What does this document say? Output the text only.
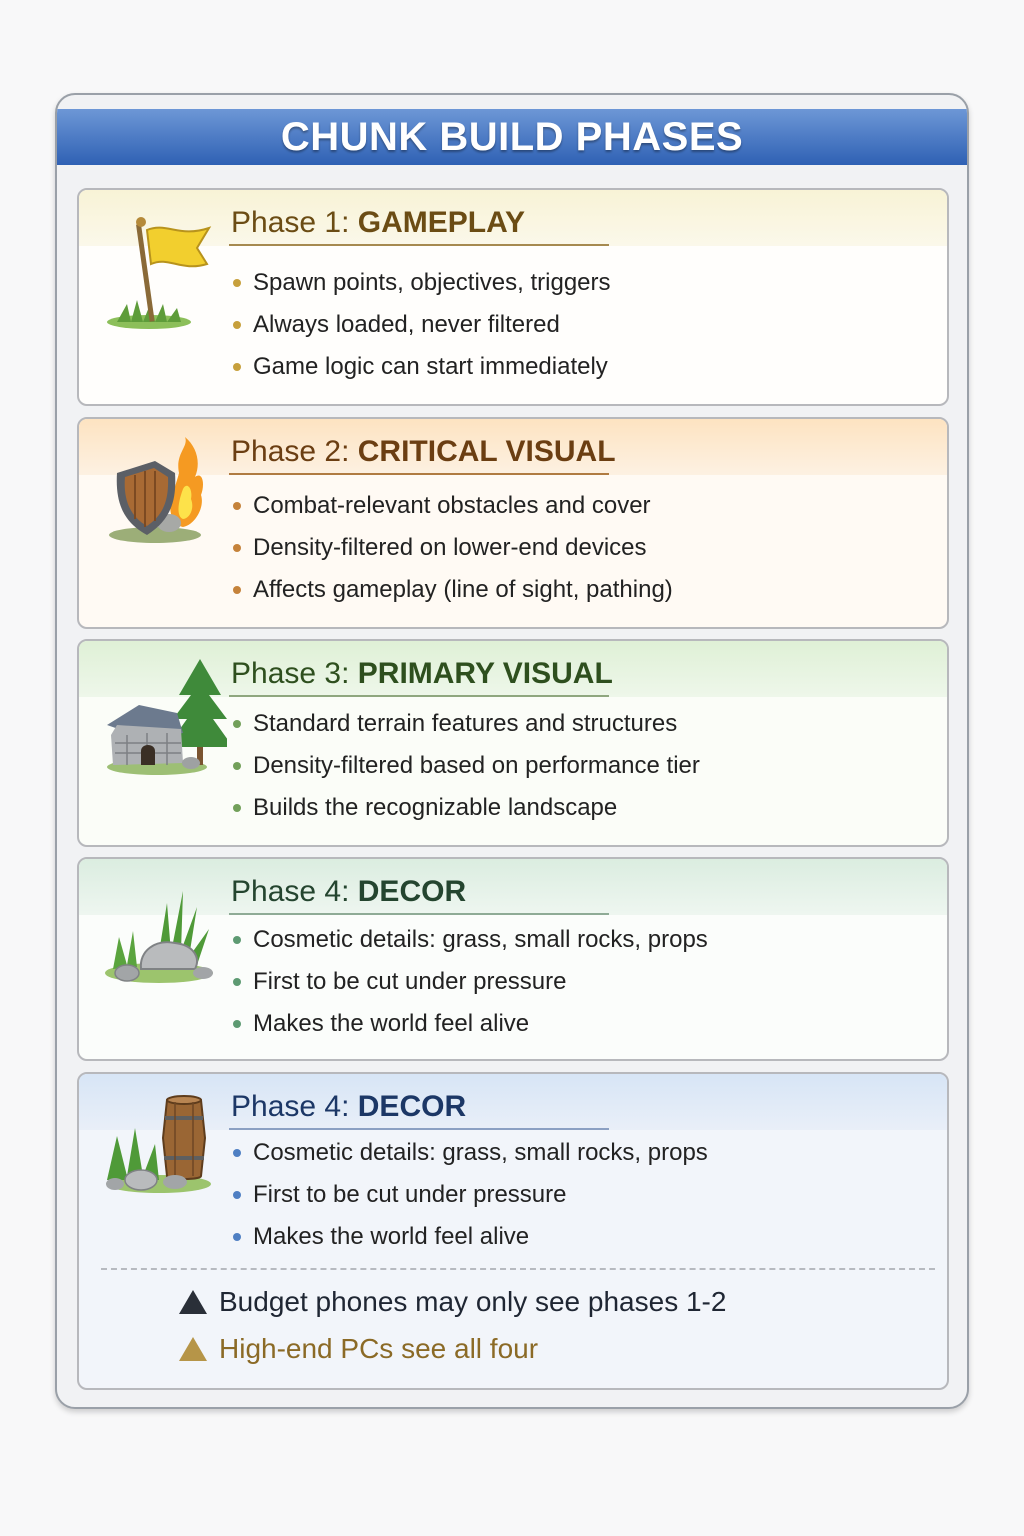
CHUNK BUILD PHASES
Phase 1: GAMEPLAY
Spawn points, objectives, triggers
Always loaded, never filtered
Game logic can start immediately
Phase 2: CRITICAL VISUAL
Combat-relevant obstacles and cover
Density-filtered on lower-end devices
Affects gameplay (line of sight, pathing)
Phase 3: PRIMARY VISUAL
Standard terrain features and structures
Density-filtered based on performance tier
Builds the recognizable landscape
Phase 4: DECOR
Cosmetic details: grass, small rocks, props
First to be cut under pressure
Makes the world feel alive
Phase 4: DECOR
Cosmetic details: grass, small rocks, props
First to be cut under pressure
Makes the world feel alive
Budget phones may only see phases 1-2
High-end PCs see all four
